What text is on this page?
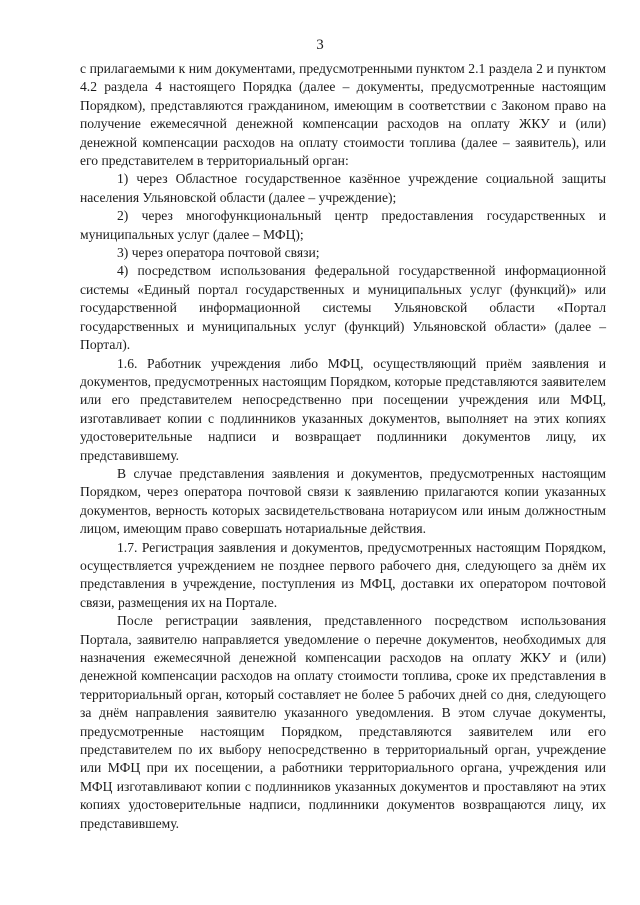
3

с прилагаемыми к ним документами, предусмотренными пунктом 2.1 раздела 2 и пунктом 4.2 раздела 4 настоящего Порядка (далее – документы, предусмотренные настоящим Порядком), представляются гражданином, имеющим в соответствии с Законом право на получение ежемесячной денежной компенсации расходов на оплату ЖКУ и (или) денежной компенсации расходов на оплату стоимости топлива (далее – заявитель), или его представителем в территориальный орган:

1) через Областное государственное казённое учреждение социальной защиты населения Ульяновской области (далее – учреждение);

2) через многофункциональный центр предоставления государственных и муниципальных услуг (далее – МФЦ);

3) через оператора почтовой связи;

4) посредством использования федеральной государственной информационной системы «Единый портал государственных и муниципальных услуг (функций)» или государственной информационной системы Ульяновской области «Портал государственных и муниципальных услуг (функций) Ульяновской области» (далее – Портал).

1.6. Работник учреждения либо МФЦ, осуществляющий приём заявления и документов, предусмотренных настоящим Порядком, которые представляются заявителем или его представителем непосредственно при посещении учреждения или МФЦ, изготавливает копии с подлинников указанных документов, выполняет на этих копиях удостоверительные надписи и возвращает подлинники документов лицу, их представившему.

В случае представления заявления и документов, предусмотренных настоящим Порядком, через оператора почтовой связи к заявлению прилагаются копии указанных документов, верность которых засвидетельствована нотариусом или иным должностным лицом, имеющим право совершать нотариальные действия.

1.7. Регистрация заявления и документов, предусмотренных настоящим Порядком, осуществляется учреждением не позднее первого рабочего дня, следующего за днём их представления в учреждение, поступления из МФЦ, доставки их оператором почтовой связи, размещения их на Портале.

После регистрации заявления, представленного посредством использования Портала, заявителю направляется уведомление о перечне документов, необходимых для назначения ежемесячной денежной компенсации расходов на оплату ЖКУ и (или) денежной компенсации расходов на оплату стоимости топлива, сроке их представления в территориальный орган, который составляет не более 5 рабочих дней со дня, следующего за днём направления заявителю указанного уведомления. В этом случае документы, предусмотренные настоящим Порядком, представляются заявителем или его представителем по их выбору непосредственно в территориальный орган, учреждение или МФЦ при их посещении, а работники территориального органа, учреждения или МФЦ изготавливают копии с подлинников указанных документов и проставляют на этих копиях удостоверительные надписи, подлинники документов возвращаются лицу, их представившему.
